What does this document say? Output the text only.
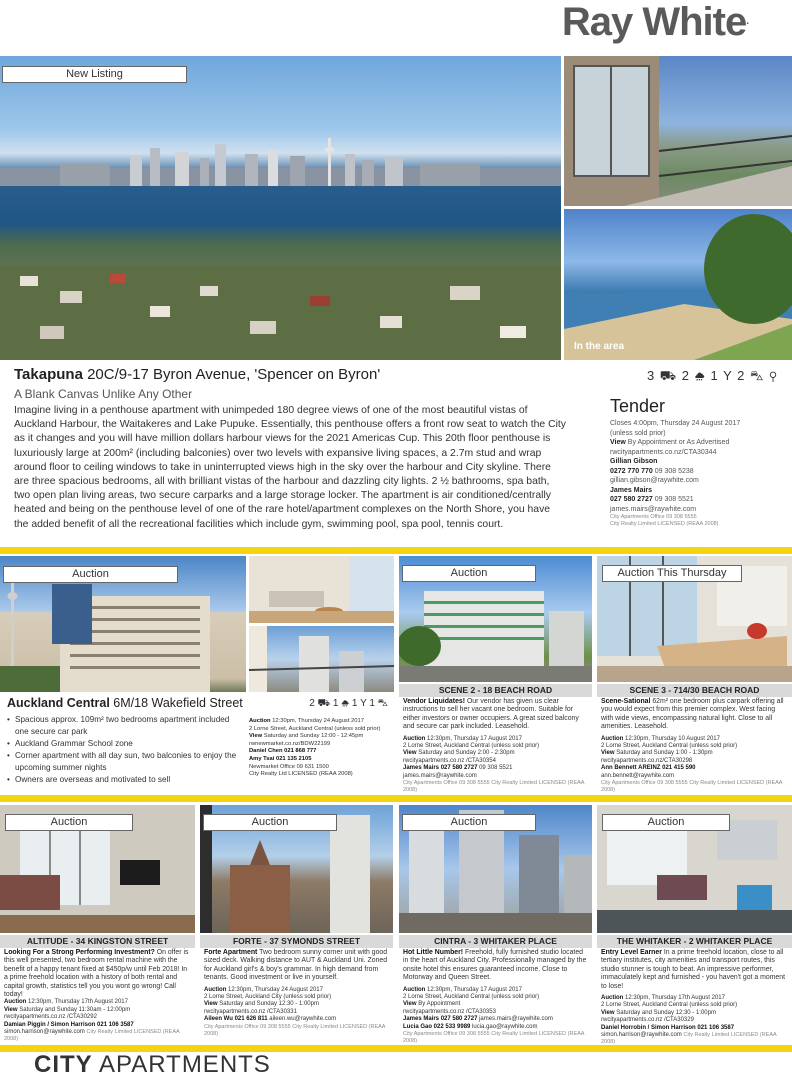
Ray White.
In the area
New Listing
Takapuna 20C/9-17 Byron Avenue, 'Spencer on Byron'
A Blank Canvas Unlike Any Other
Imagine living in a penthouse apartment with unimpeded 180 degree views of one of the most beautiful vistas of Auckland Harbour, the Waitakeres and Lake Pupuke. Essentially, this penthouse offers a front row seat to watch the City as it changes and you will have million dollars harbour views for the 2021 Americas Cup. This 20th floor penthouse is luxuriously large at 200m² (including balconies) over two levels with expansive living spaces, a 2.7m stud and wrap around floor to ceiling windows to take in uninterrupted views high in the sky over the harbour and City skyline. There are three spacious bedrooms, all with brilliant vistas of the harbour and dazzling city lights. 2 ½ bathrooms, spa bath, two open plan living areas, two secure carparks and a large storage locker. The apartment is air conditioned/centrally heated and being on the penthouse level of one of the rare hotel/apartment complexes on the North Shore, you have the added benefit of all the recreational facilities which include gym, swimming pool, spa pool, tennis court.
3 ⛟ 2 ⛆ 1 Y 2 ⛍ ⚲
Tender
Closes 4:00pm, Thursday 24 August 2017
(unless sold prior)
View By Appointment or As Advertised
rwcityapartments.co.nz/CTA30344
Gillian Gibson
0272 770 770 09 308 5238
gillian.gibson@raywhite.com
James Mairs
027 580 2727 09 308 5521
james.mairs@raywhite.com
City Apartments Office 09 308 5555
City Realty Limited LICENSED (REAA 2008)
Auction
Auckland Central 6M/18 Wakefield Street	2 ⛟ 1 ⛆ 1 Y 1 ⛍
• Spacious approx. 109m² two bedrooms apartment included one secure car park
• Auckland Grammar School zone
• Corner apartment with all day sun, two balconies to enjoy the upcoming summer nights
• Owners are overseas and motivated to sell
Auction 12:30pm, Thursday 24 August 2017
2 Lorne Street, Auckland Central (unless sold prior)
View Saturday and Sunday 12:00 - 12:45pm
rwnewmarket.co.nz/BDW22199
Daniel Chen 021 868 777
Amy Tsai 021 135 2105
Newmarket Office 09 631 1500
City Realty Ltd LICENSED (REAA 2008)
Auction
SCENE 2 - 18 BEACH ROAD
Vendor Liquidates! Our vendor has given us clear instructions to sell her vacant one bedroom. Suitable for either investors or owner occupiers. A great sized balcony and secure car park included. Leasehold.
Auction 12:30pm, Thursday 17 August 2017
2 Lorne Street, Auckland Central (unless sold prior)
View Saturday and Sunday 2:00 - 2:30pm
rwcityapartments.co.nz /CTA30354
James Mairs 027 580 2727 09 308 5521
james.mairs@raywhite.com
City Apartments Office 09 308 5555 City Realty Limited LICENSED (REAA 2008)
Auction This Thursday
SCENE 3 - 714/30 BEACH ROAD
Scene-Sational 62m² one bedroom plus carpark offering all you would expect from this premier complex. West facing with wide views, encompassing natural light. Close to all amenities. Leasehold.
Auction 12:30pm, Thursday 10 August 2017
2 Lorne Street, Auckland Central (unless sold prior)
View Saturday and Sunday 1:00 - 1:30pm
rwcityapartments.co.nz/CTA30298
Ann Bennett AREINZ 021 415 590
ann.bennett@raywhite.com
City Apartments Office 09 308 5555 City Realty Limited LICENSED (REAA 2008)
Auction
ALTITUDE - 34 KINGSTON STREET
Looking For a Strong Performing Investment? On offer is this well presented, two bedroom rental machine with the benefit of a happy tenant fixed at $450p/w until Feb 2018! In a prime freehold location with a history of both rental and capital growth, statistics tell you you wont go wrong! Call today!
Auction 12:30pm, Thursday 17th August 2017
View Saturday and Sunday 11:30am - 12:00pm
rwcityapartments.co.nz /CTA30292
Damian Piggin / Simon Harrison 021 106 3587
simon.harrison@raywhite.com City Realty Limited LICENSED (REAA 2008)
Auction
FORTE - 37 SYMONDS STREET
Forte Apartment Two bedroom sunny corner unit with good sized deck. Walking distance to AUT & Auckland Uni. Zoned for Auckland girl's & boy's grammar. In high demand from tenants. Good investment or live in yourself.
Auction 12:30pm, Thursday 24 August 2017
2 Lorne Street, Auckland City (unless sold prior)
View Saturday and Sunday 12:30 - 1:00pm
rwcityapartments.co.nz /CTA30331
Aileen Wu 021 626 811 aileen.wu@raywhite.com
City Apartments Office 09 308 5555 City Realty Limited LICENSED (REAA 2008)
Auction
CINTRA - 3 WHITAKER PLACE
Hot Little Number! Freehold, fully furnished studio located in the heart of Auckland City. Professionally managed by the onsite hotel this ensures guaranteed income. Close to Motorway and Queen Street.
Auction 12:30pm, Thursday 17 August 2017
2 Lorne Street, Auckland Central (unless sold prior)
View By Appointment
rwcityapartments.co.nz /CTA30353
James Mairs 027 580 2727 james.mairs@raywhite.com
Lucia Gao 022 533 9989 lucia.gao@raywhite.com
City Apartments Office 09 308 5555 City Realty Limited LICENSED (REAA 2008)
Auction
THE WHITAKER - 2 WHITAKER PLACE
Entry Level Earner In a prime freehold location, close to all tertiary institutes, city amenities and transport routes, this studio stunner is tough to beat. An impressive performer, immaculately kept and furnished - you haven't got a moment to lose!
Auction 12:30pm, Thursday 17th August 2017
2 Lorne Street, Auckland Central (unless sold prior)
View Saturday and Sunday 12:30 - 1:00pm
rwcityapartments.co.nz /CTA30329
Daniel Horrobin / Simon Harrison 021 106 3587
simon.harrison@raywhite.com City Realty Limited LICENSED (REAA 2008)
CITY APARTMENTS
